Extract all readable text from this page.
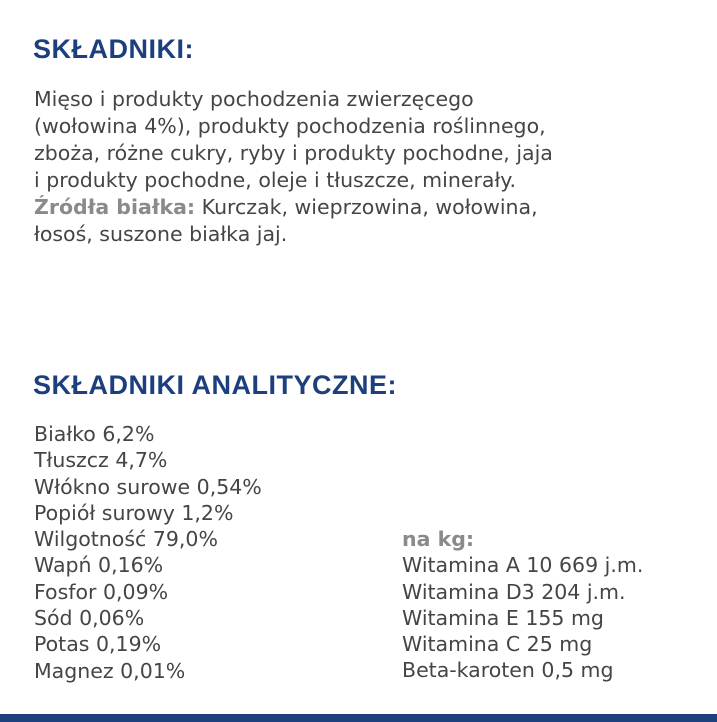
SKŁADNIKI:

Mięso i produkty pochodzenia zwierzęcego
(wołowina 4%), produkty pochodzenia roślinnego,
zboża, różne cukry, ryby i produkty pochodne, jaja
i produkty pochodne, oleje i tłuszcze, minerały.
Źródła białka: Kurczak, wieprzowina, wołowina,
łosoś, suszone białka jaj.

SKŁADNIKI ANALITYCZNE:
Białko 6,2%
Tłuszcz 4,7%
Włókno surowe 0,54%
Popiół surowy 1,2%
Wilgotność 79,0%
Wapń 0,16%
Fosfor 0,09%
Sód 0,06%
Potas 0,19%
Magnez 0,01%
na kg:
Witamina A 10 669 j.m.
Witamina D3 204 j.m.
Witamina E 155 mg
Witamina C 25 mg
Beta-karoten 0,5 mg
